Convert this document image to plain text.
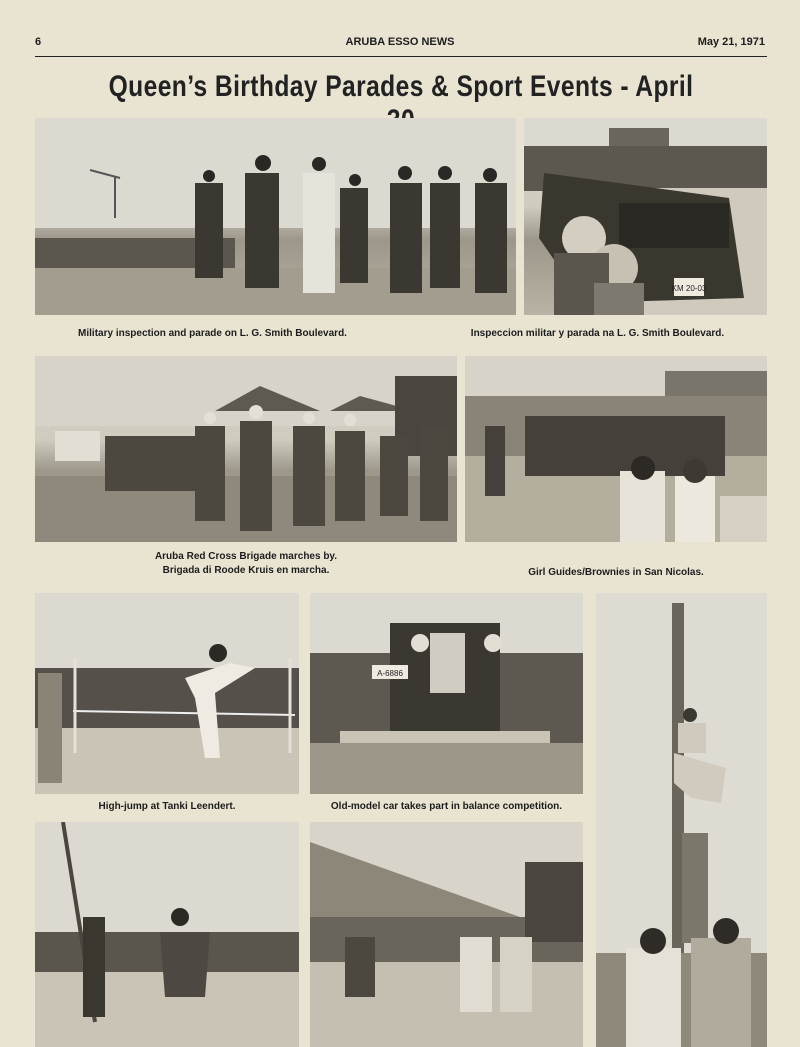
6	ARUBA ESSO NEWS	May 21, 1971
Queen’s Birthday Parades & Sport Events - April
KM 20-03
Military inspection and parade on L. G. Smith Boulevard.	Inspeccion militar y parada na L. G. Smith Boulevard.
Aruba Red Cross Brigade marches by.
Brigada di Roode Kruis en marcha.	Girl Guides/Brownies in San Nicolas.
A-6886
High-jump at Tanki Leendert.	Old-model car takes part in balance competition.
